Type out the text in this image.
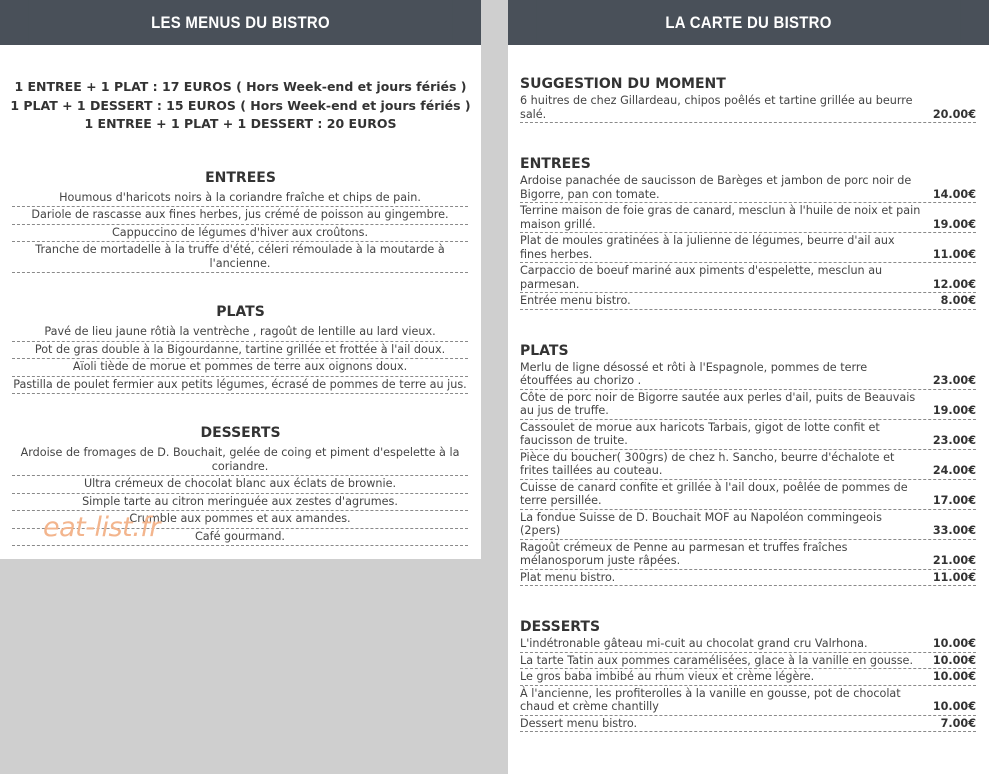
LES MENUS DU BISTRO
1 ENTREE + 1 PLAT : 17 EUROS ( Hors Week-end et jours fériés )
1 PLAT + 1 DESSERT : 15 EUROS ( Hors Week-end et jours fériés )
1 ENTREE + 1 PLAT + 1 DESSERT : 20 EUROS
ENTREES
Houmous d'haricots noirs à la coriandre fraîche et chips de pain.
Dariole de rascasse aux fines herbes, jus crémé de poisson au gingembre.
Cappuccino de légumes d'hiver aux croûtons.
Tranche de mortadelle à la truffe d'été, céleri rémoulade à la moutarde à l'ancienne.
PLATS
Pavé de lieu jaune rôtià la ventrèche , ragoût de lentille au lard vieux.
Pot de gras double à la Bigourdanne, tartine grillée et frottée à l'ail doux.
Aïoli tiède de morue et pommes de terre aux oignons doux.
Pastilla de poulet fermier aux petits légumes, écrasé de pommes de terre au jus.
DESSERTS
Ardoise de fromages de D. Bouchait, gelée de coing et piment d'espelette à la coriandre.
Ultra crémeux de chocolat blanc aux éclats de brownie.
Simple tarte au citron meringuée aux zestes d'agrumes.
Crumble aux pommes et aux amandes.
Café gourmand.
eat-list.fr
LA CARTE DU BISTRO
SUGGESTION DU MOMENT
6 huitres de chez Gillardeau, chipos poêlés et tartine grillée au beurre salé.	20.00€
ENTREES
Ardoise panachée de saucisson de Barèges et jambon de porc noir de Bigorre, pan con tomate.	14.00€
Terrine maison de foie gras de canard, mesclun à l'huile de noix et pain maison grillé.	19.00€
Plat de moules gratinées à la julienne de légumes, beurre d'ail aux fines herbes.	11.00€
Carpaccio de boeuf mariné aux piments d'espelette, mesclun au parmesan.	12.00€
Entrée menu bistro.	8.00€
PLATS
Merlu de ligne désossé et rôti à l'Espagnole, pommes de terre étouffées au chorizo .	23.00€
Côte de porc noir de Bigorre sautée aux perles d'ail, puits de Beauvais au jus de truffe.	19.00€
Cassoulet de morue aux haricots Tarbais, gigot de lotte confit et faucisson de truite.	23.00€
Pièce du boucher( 300grs) de chez h. Sancho, beurre d'échalote et frites taillées au couteau.	24.00€
Cuisse de canard confite et grillée à l'ail doux, poêlée de pommes de terre persillée.	17.00€
La fondue Suisse de D. Bouchait MOF au Napoléon commingeois (2pers)	33.00€
Ragoût crémeux de Penne au parmesan et truffes fraîches mélanosporum juste râpées.	21.00€
Plat menu bistro.	11.00€
DESSERTS
L'indétronable gâteau mi-cuit au chocolat grand cru Valrhona.	10.00€
La tarte Tatin aux pommes caramélisées, glace à la vanille en gousse.	10.00€
Le gros baba imbibé au rhum vieux et crème légère.	10.00€
À l'ancienne, les profiterolles à la vanille en gousse, pot de chocolat chaud et crème chantilly	10.00€
Dessert menu bistro.	7.00€
